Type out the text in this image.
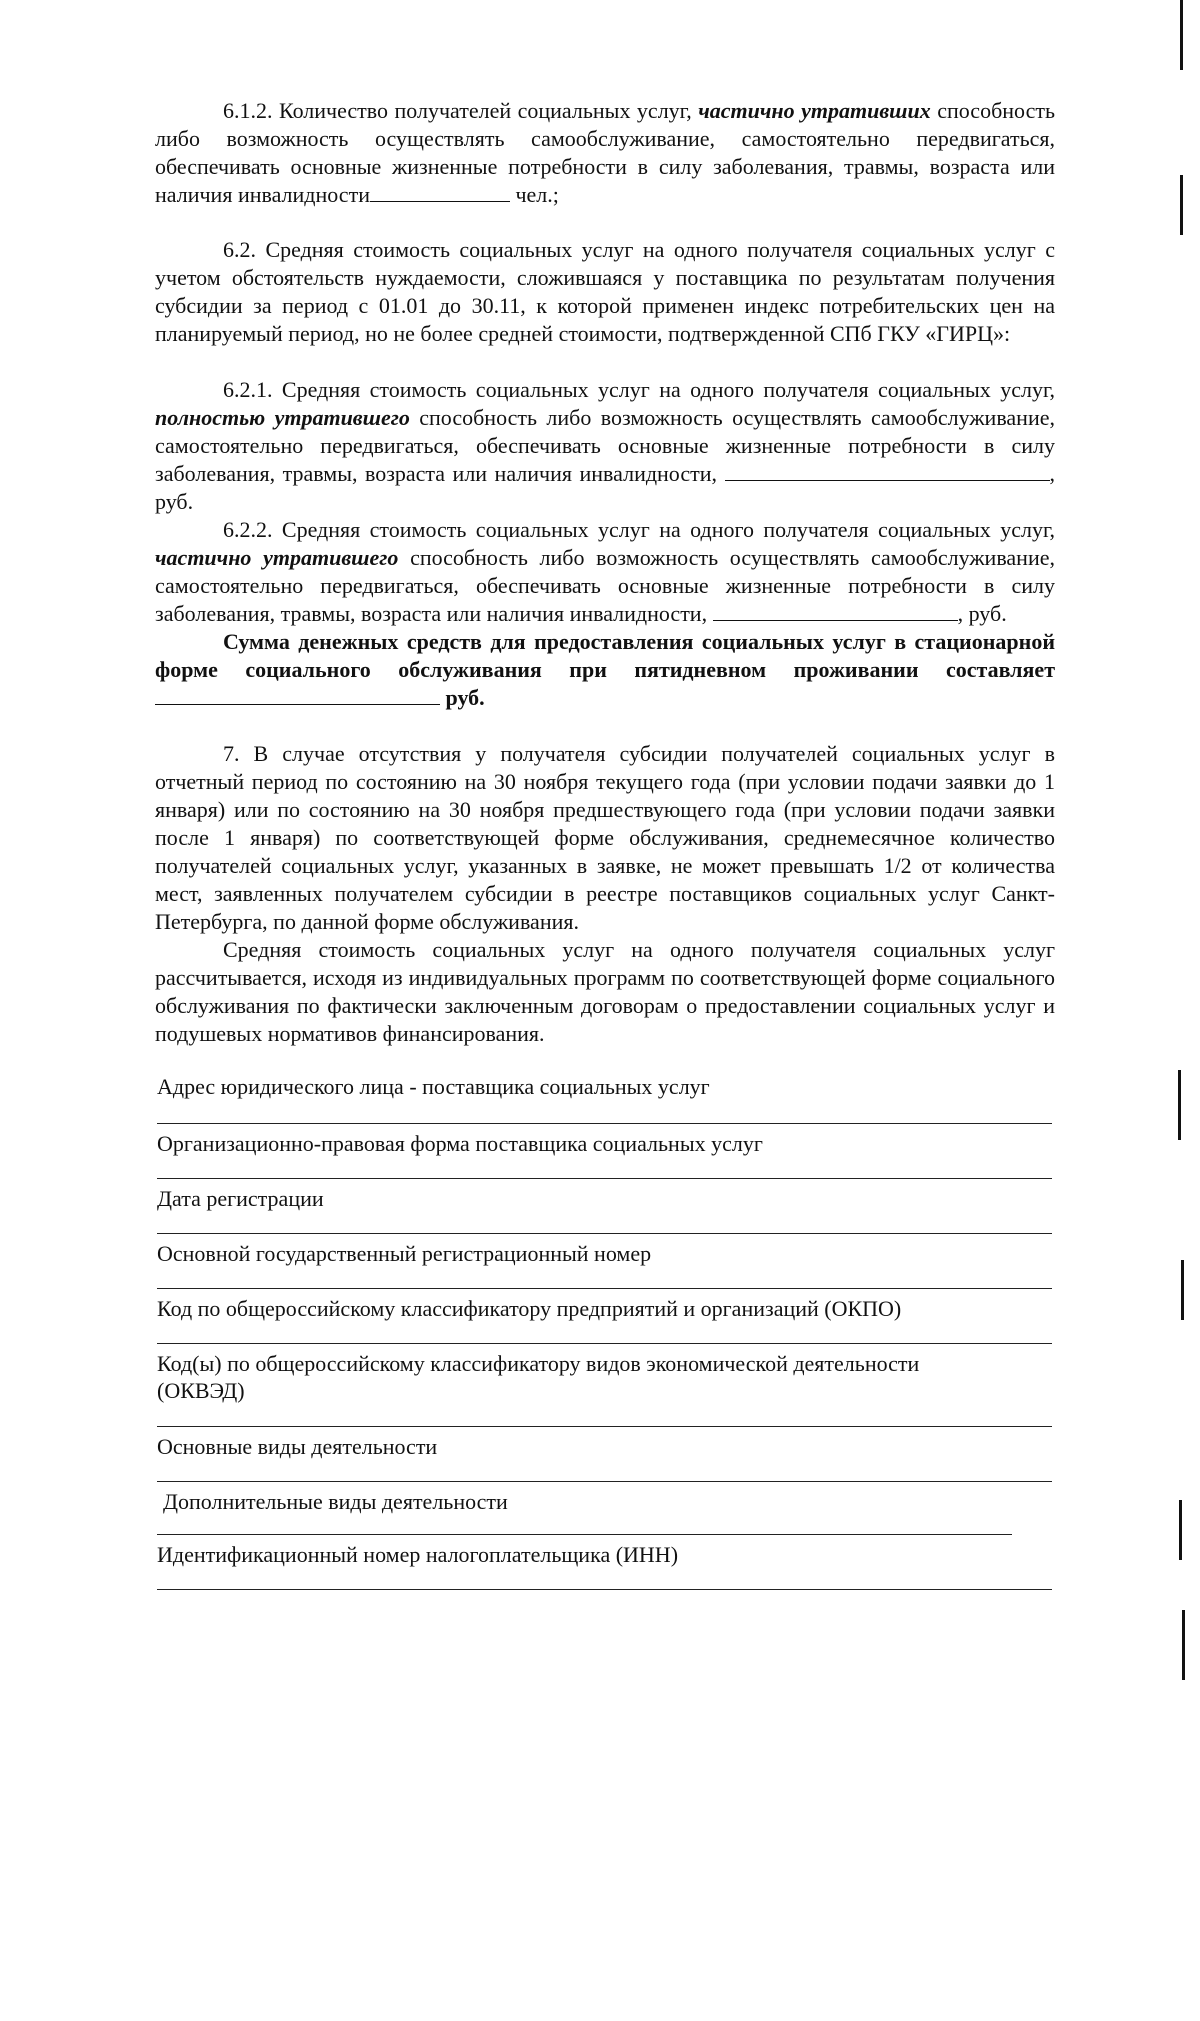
6.1.2. Количество получателей социальных услуг, частично утративших способность либо возможность осуществлять самообслуживание, самостоятельно передвигаться, обеспечивать основные жизненные потребности в силу заболевания, травмы, возраста или наличия инвалидности	чел.;

6.2. Средняя стоимость социальных услуг на одного получателя социальных услуг с учетом обстоятельств нуждаемости, сложившаяся у поставщика по результатам получения субсидии за период с 01.01 до 30.11, к которой применен индекс потребительских цен на планируемый период, но не более средней стоимости, подтвержденной СПб ГКУ «ГИРЦ»:

6.2.1. Средняя стоимость социальных услуг на одного получателя социальных услуг, полностью утратившего способность либо возможность осуществлять самообслуживание, самостоятельно передвигаться, обеспечивать основные жизненные потребности в силу заболевания, травмы, возраста или наличия инвалидности,	, руб.

6.2.2. Средняя стоимость социальных услуг на одного получателя социальных услуг, частично утратившего способность либо возможность осуществлять самообслуживание, самостоятельно передвигаться, обеспечивать основные жизненные потребности в силу заболевания, травмы, возраста или наличия инвалидности,	, руб.

Сумма денежных средств для предоставления социальных услуг в стационарной форме социального обслуживания при пятидневном проживании составляет руб.

7. В случае отсутствия у получателя субсидии получателей социальных услуг в отчетный период по состоянию на 30 ноября текущего года (при условии подачи заявки до 1 января) или по состоянию на 30 ноября предшествующего года (при условии подачи заявки после 1 января) по соответствующей форме обслуживания, среднемесячное количество получателей социальных услуг, указанных в заявке, не может превышать 1/2 от количества мест, заявленных получателем субсидии в реестре поставщиков социальных услуг Санкт-Петербурга, по данной форме обслуживания.

Средняя стоимость социальных услуг на одного получателя социальных услуг рассчитывается, исходя из индивидуальных программ по соответствующей форме социального обслуживания по фактически заключенным договорам о предоставлении социальных услуг и подушевых нормативов финансирования.

Адрес юридического лица - поставщика социальных услуг
Организационно-правовая форма поставщика социальных услуг
Дата регистрации
Основной государственный регистрационный номер
Код по общероссийскому классификатору предприятий и организаций (ОКПО)
Код(ы) по общероссийскому классификатору видов экономической деятельности
(ОКВЭД)
Основные виды деятельности
Дополнительные виды деятельности
Идентификационный номер налогоплательщика (ИНН)
